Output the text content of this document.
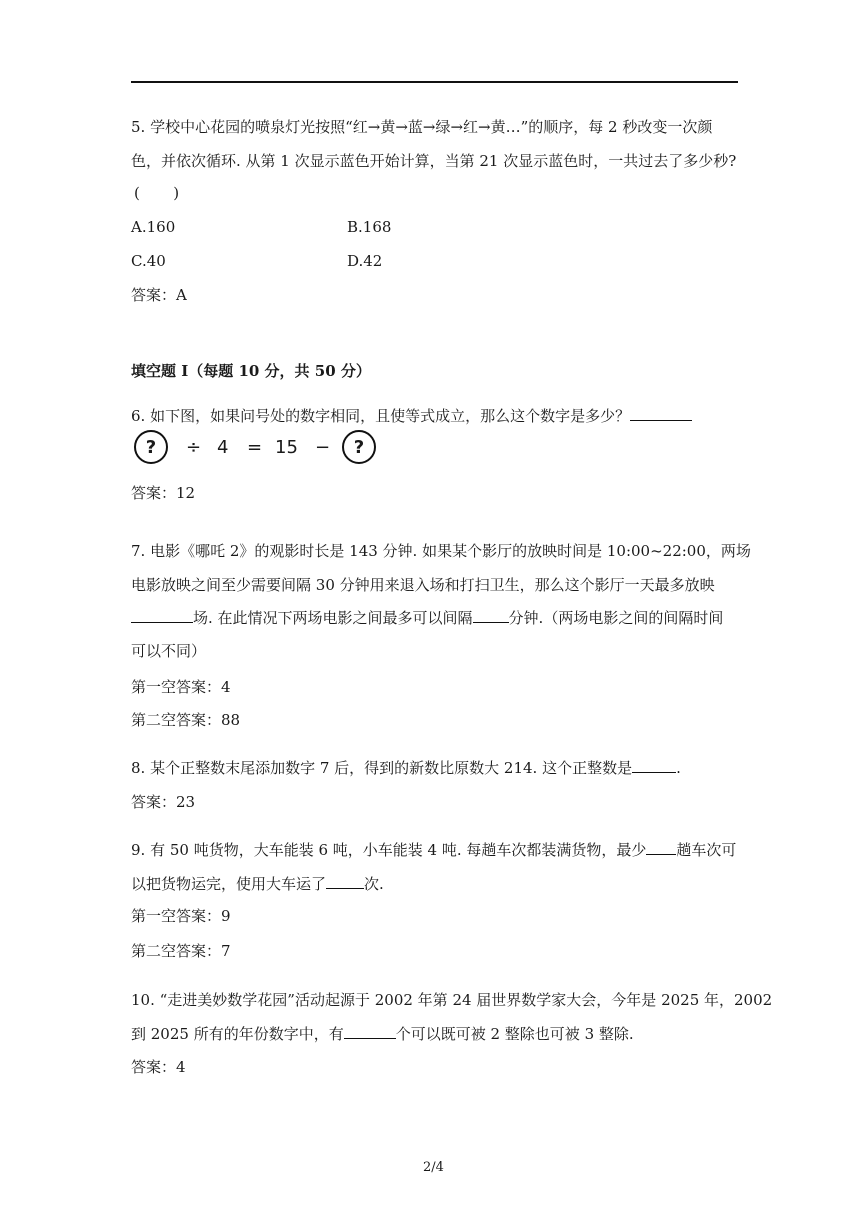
5. 学校中心花园的喷泉灯光按照“红→黄→蓝→绿→红→黄…”的顺序，每 2 秒改变一次颜
色，并依次循环. 从第 1 次显示蓝色开始计算，当第 21 次显示蓝色时，一共过去了多少秒?
(       )
A.160	B.168
C.40	D.42
答案：A
填空题 I（每题 10 分，共 50 分）
6. 如下图，如果问号处的数字相同，且使等式成立，那么这个数字是多少？
?	÷ 4 = 15 −	?
答案：12
7. 电影《哪吒 2》的观影时长是 143 分钟. 如果某个影厅的放映时间是 10:00~22:00，两场
电影放映之间至少需要间隔 30 分钟用来退入场和打扫卫生，那么这个影厅一天最多放映
场. 在此情况下两场电影之间最多可以间隔 分钟.（两场电影之间的间隔时间
可以不同）
第一空答案：4
第二空答案：88
8. 某个正整数末尾添加数字 7 后，得到的新数比原数大 214. 这个正整数是	.
答案：23
9. 有 50 吨货物，大车能装 6 吨，小车能装 4 吨. 每趟车次都装满货物，最少 趟车次可
以把货物运完，使用大车运了	次.
第一空答案：9
第二空答案：7
10. “走进美妙数学花园”活动起源于 2002 年第 24 届世界数学家大会，今年是 2025 年，2002
到 2025 所有的年份数字中，有	个可以既可被 2 整除也可被 3 整除.
答案：4
2/4
